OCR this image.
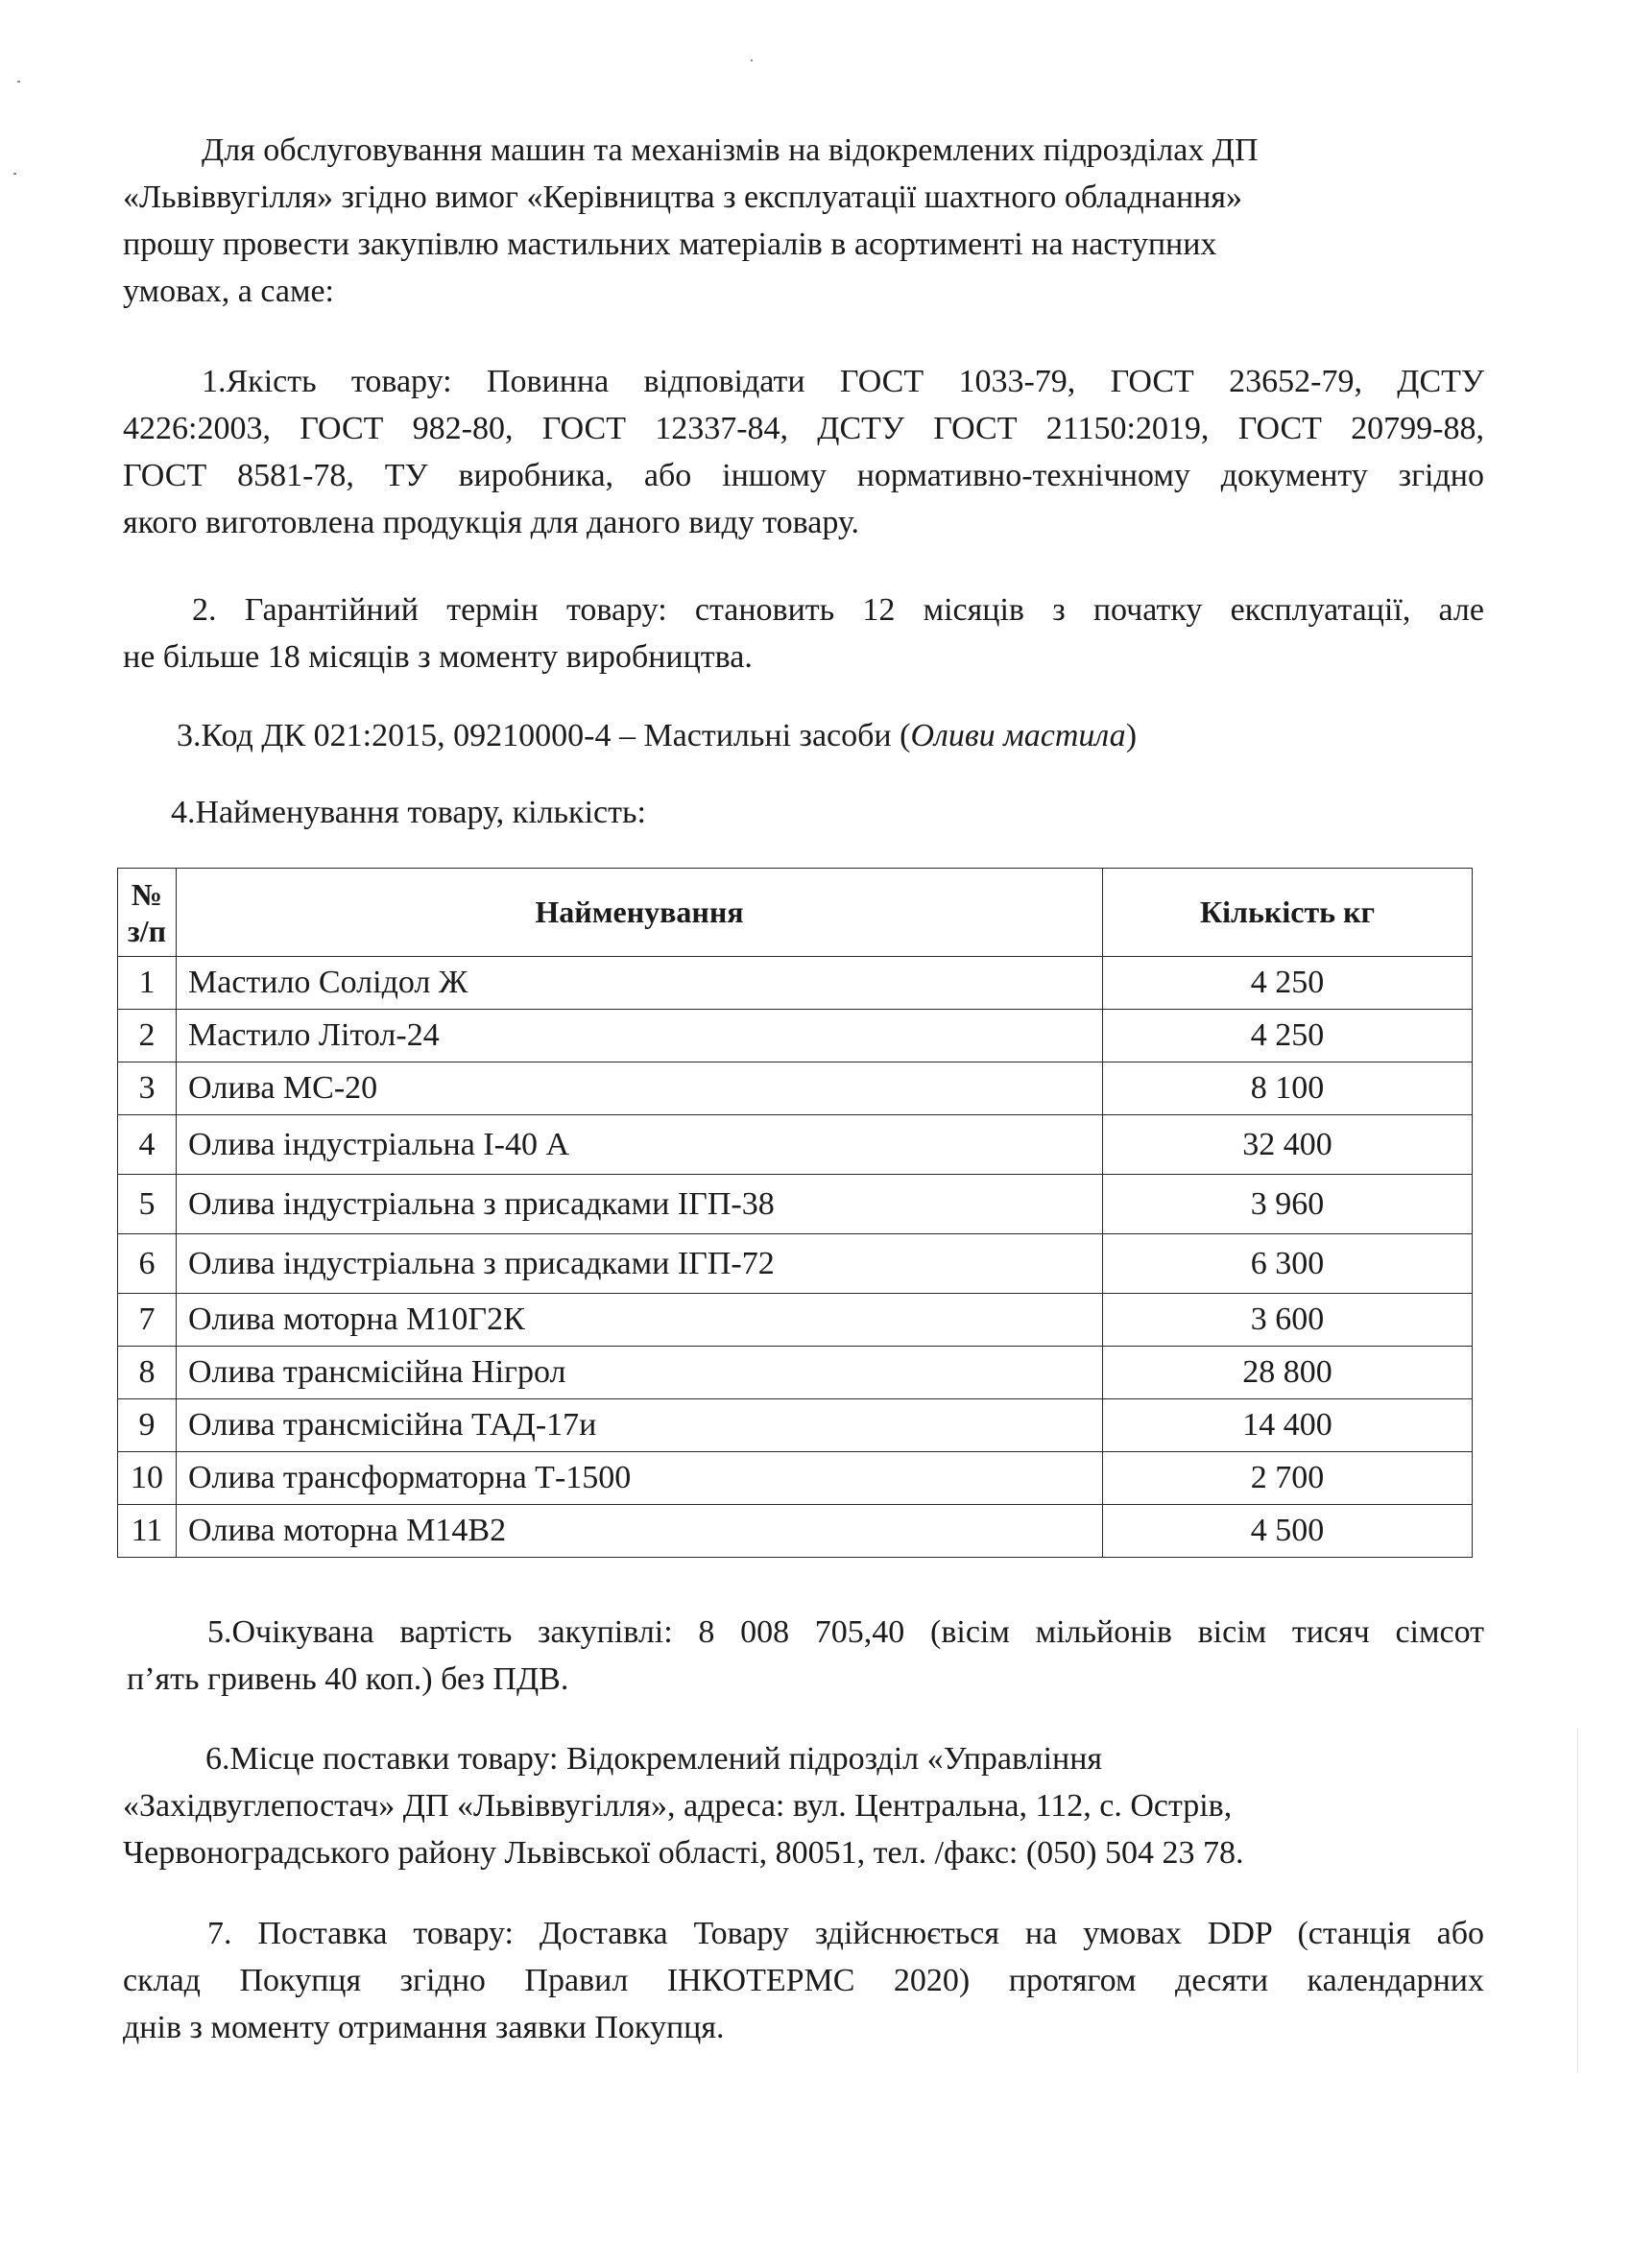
Для обслуговування машин та механізмів на відокремлених підрозділах ДП
«Львіввугілля» згідно вимог «Керівництва з експлуатації шахтного обладнання»
прошу провести закупівлю мастильних матеріалів в асортименті на наступних
умовах, а саме:
1.Якість товару: Повинна відповідати ГОСТ 1033-79, ГОСТ 23652-79, ДСТУ
4226:2003, ГОСТ 982-80, ГОСТ 12337-84, ДСТУ ГОСТ 21150:2019, ГОСТ 20799-88,
ГОСТ 8581-78, ТУ виробника, або іншому нормативно-технічному документу згідно
якого виготовлена продукція для даного виду товару.
2. Гарантійний термін товару: становить 12 місяців з початку експлуатації, але
не більше 18 місяців з моменту виробництва.
3.Код ДК 021:2015, 09210000-4 – Мастильні засоби (Оливи мастила)
4.Найменування товару, кількість:
№
з/п	Найменування	Кількість кг
1	Мастило Солідол Ж	4 250
2	Мастило Літол-24	4 250
3	Олива МС-20	8 100
4	Олива індустріальна І-40 А	32 400
5	Олива індустріальна з присадками ІГП-38	3 960
6	Олива індустріальна з присадками ІГП-72	6 300
7	Олива моторна М10Г2К	3 600
8	Олива трансмісійна Нігрол	28 800
9	Олива трансмісійна ТАД-17и	14 400
10	Олива трансформаторна Т-1500	2 700
11	Олива моторна М14В2	4 500
5.Очікувана вартість закупівлі: 8 008 705,40 (вісім мільйонів вісім тисяч сімсот
п’ять гривень 40 коп.) без ПДВ.
6.Місце поставки товару: Відокремлений підрозділ «Управління
«Західвуглепостач» ДП «Львіввугілля», адреса: вул. Центральна, 112, с. Острів,
Червоноградського району Львівської області, 80051, тел. /факс: (050) 504 23 78.
7. Поставка товару: Доставка Товару здійснюється на умовах DDP (станція або
склад Покупця згідно Правил ІНКОТЕРМС 2020) протягом десяти календарних
днів з моменту отримання заявки Покупця.
